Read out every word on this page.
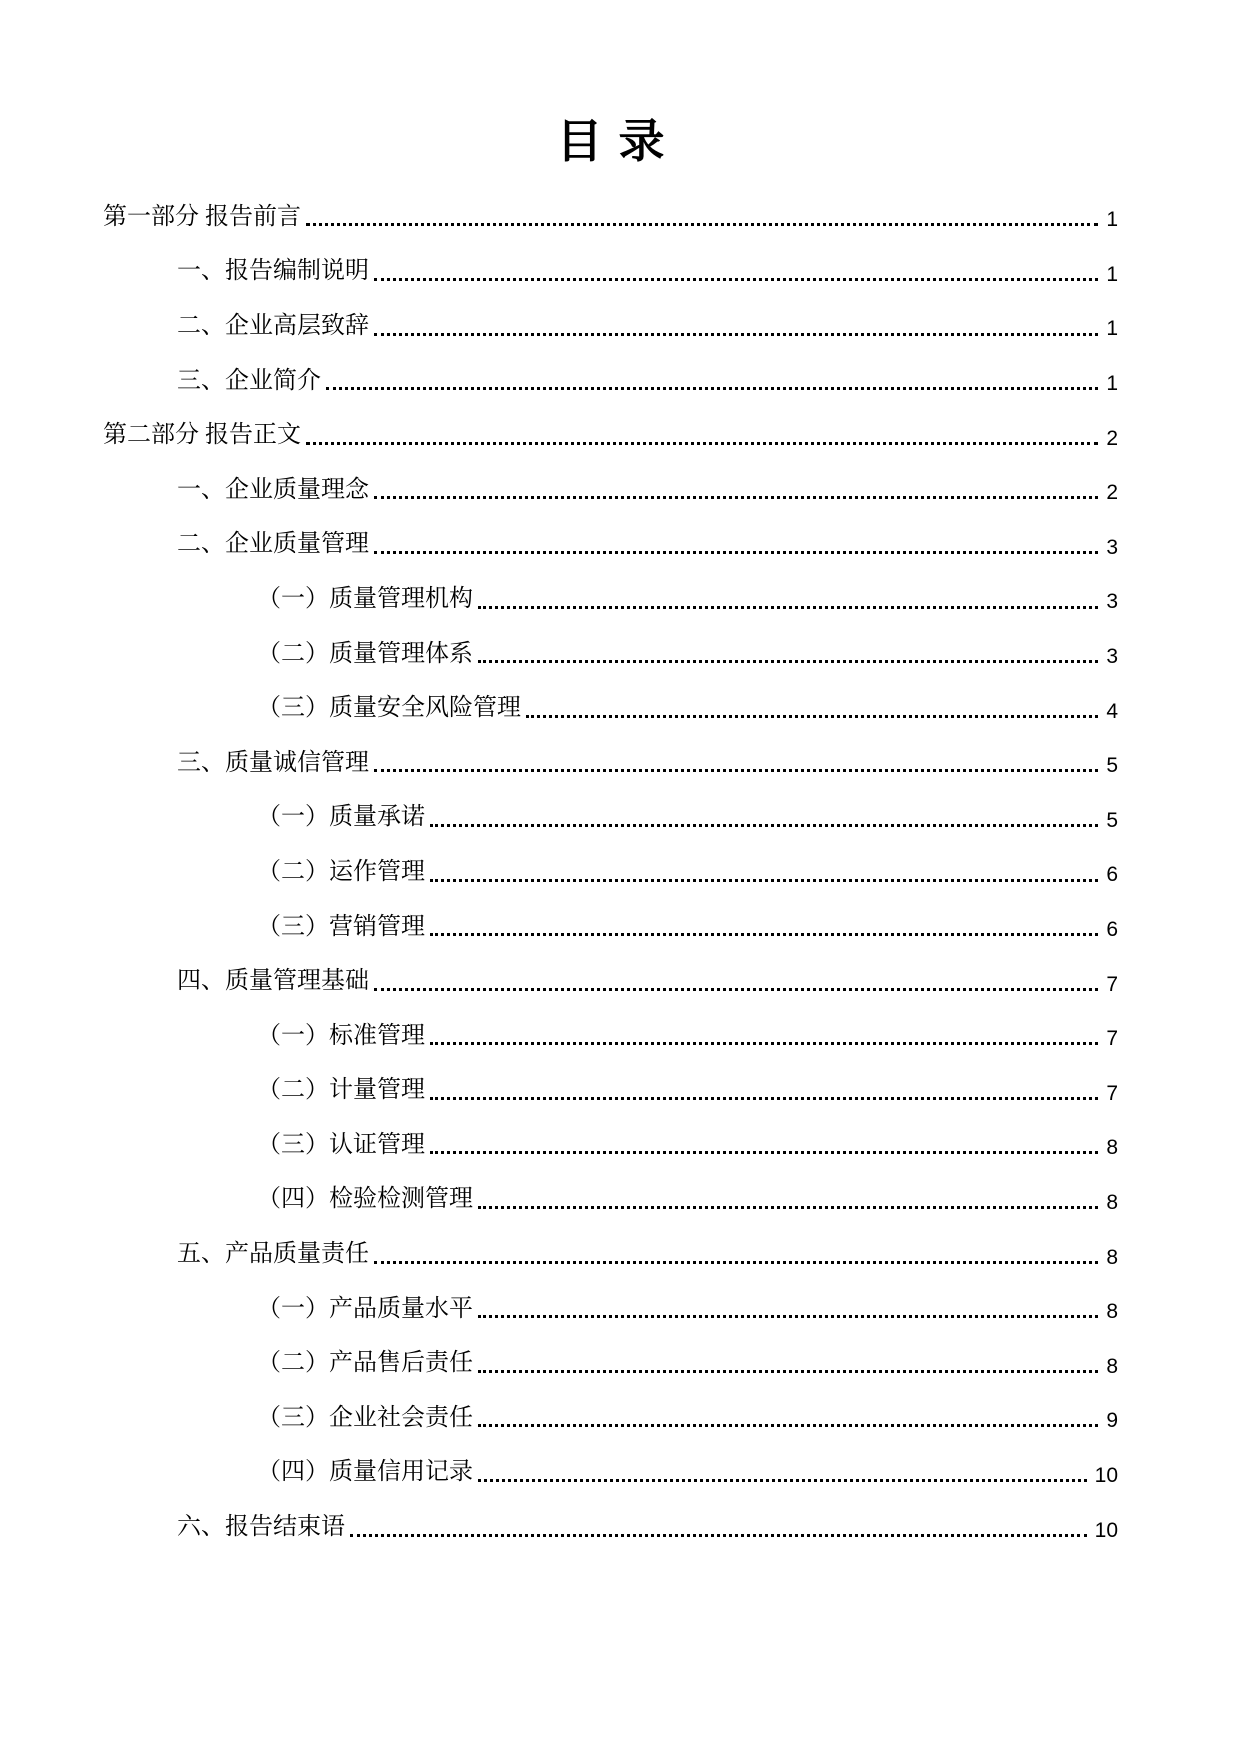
目录
第一部分 报告前言	1
一、报告编制说明	1
二、企业高层致辞	1
三、企业简介	1
第二部分 报告正文	2
一、企业质量理念	2
二、企业质量管理	3
（一）质量管理机构	3
（二）质量管理体系	3
（三）质量安全风险管理	4
三、质量诚信管理	5
（一）质量承诺	5
（二）运作管理	6
（三）营销管理	6
四、质量管理基础	7
（一）标准管理	7
（二）计量管理	7
（三）认证管理	8
（四）检验检测管理	8
五、产品质量责任	8
（一）产品质量水平	8
（二）产品售后责任	8
（三）企业社会责任	9
（四）质量信用记录	10
六、报告结束语	10
